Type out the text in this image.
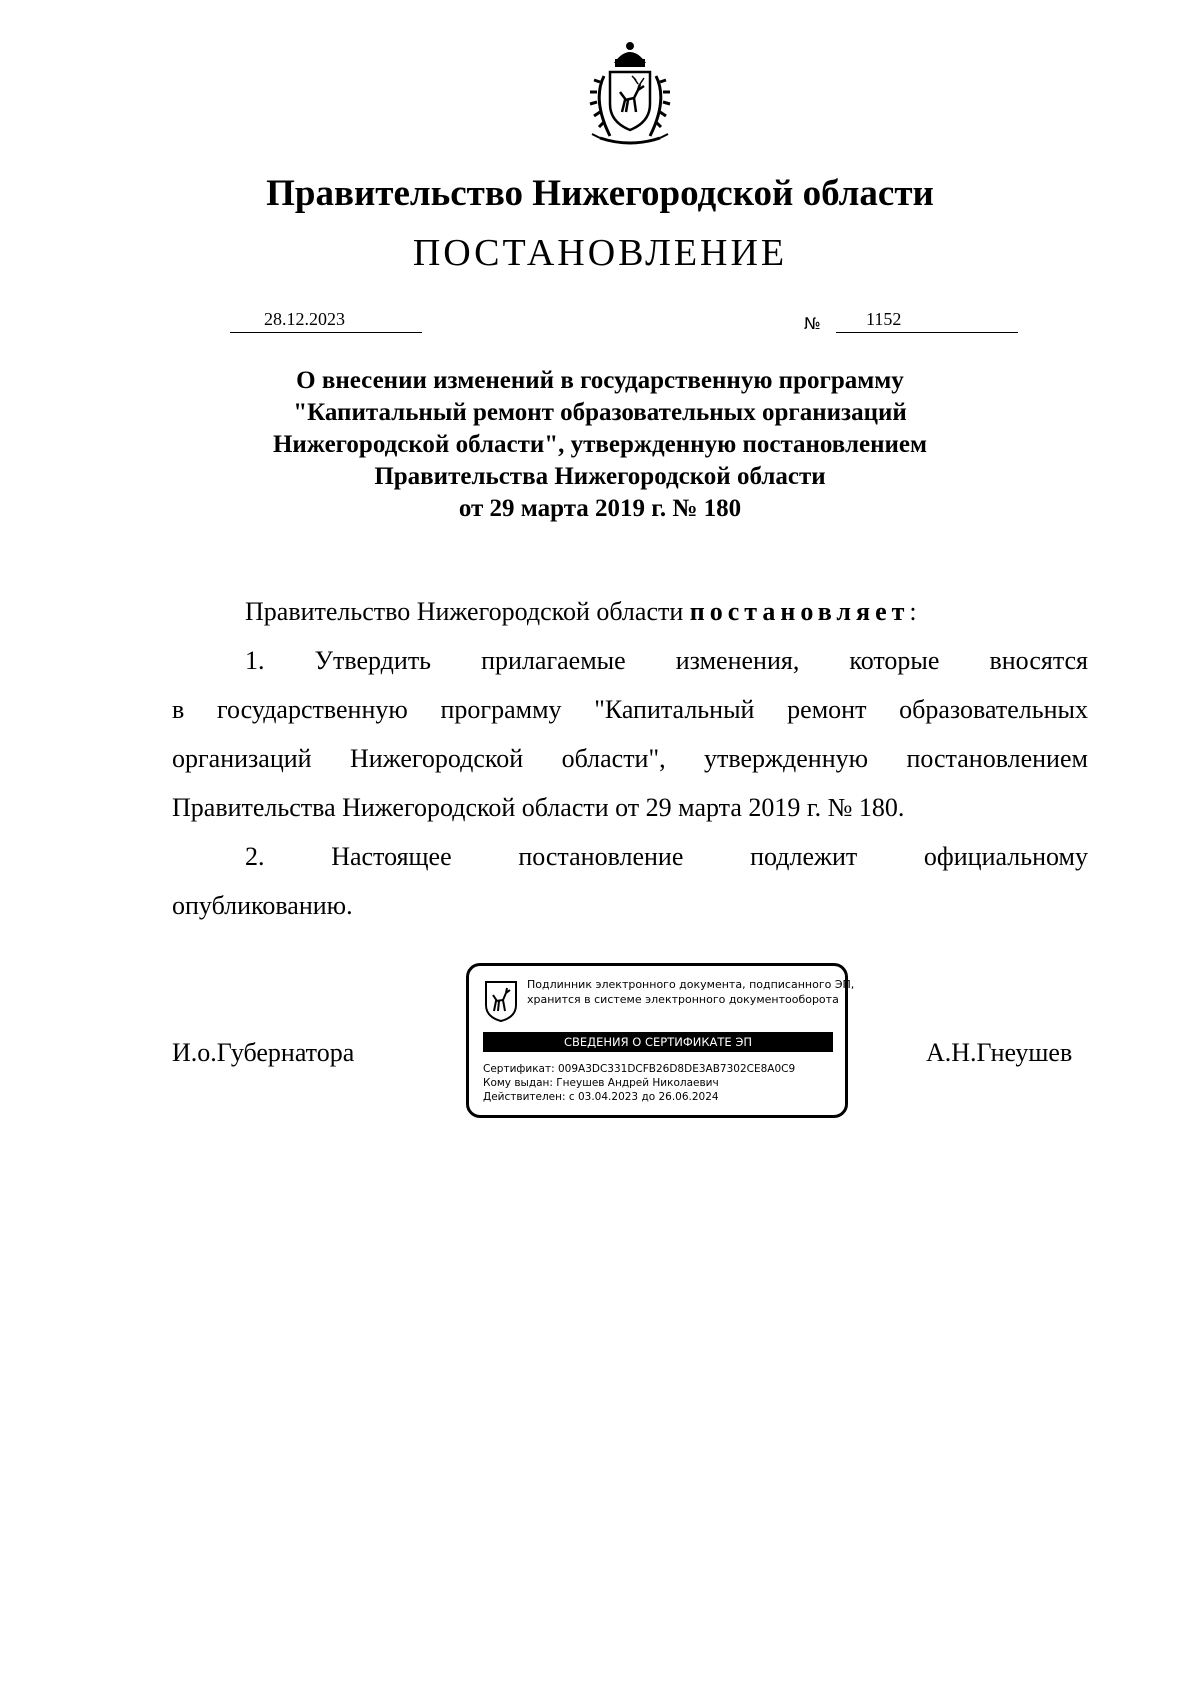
Правительство Нижегородской области
ПОСТАНОВЛЕНИЕ
28.12.2023	№	1152
О внесении изменений в государственную программу
"Капитальный ремонт образовательных организаций
Нижегородской области", утвержденную постановлением
Правительства Нижегородской области
от 29 марта 2019 г. № 180
Правительство Нижегородской области постановляет:
1. Утвердить прилагаемые изменения, которые вносятся
в государственную программу "Капитальный ремонт образовательных
организаций Нижегородской области", утвержденную постановлением
Правительства Нижегородской области от 29 марта 2019 г. № 180.
2.	Настоящее	постановление	подлежит	официальному
опубликованию.
И.о.Губернатора	А.Н.Гнеушев
Подлинник электронного документа, подписанного ЭП,
хранится в системе электронного документооборота
СВЕДЕНИЯ О СЕРТИФИКАТЕ ЭП
Сертификат: 009A3DC331DCFB26D8DE3AB7302CE8A0C9
Кому выдан: Гнеушев Андрей Николаевич
Действителен: с 03.04.2023 до 26.06.2024
